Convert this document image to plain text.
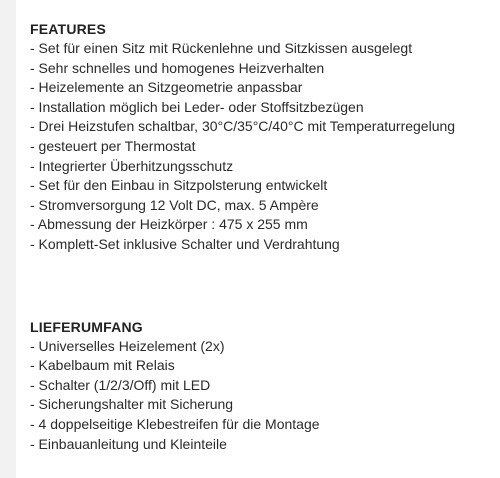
FEATURES
- Set für einen Sitz mit Rückenlehne und Sitzkissen ausgelegt
- Sehr schnelles und homogenes Heizverhalten
- Heizelemente an Sitzgeometrie anpassbar
- Installation möglich bei Leder- oder Stoffsitzbezügen
- Drei Heizstufen schaltbar, 30°C/35°C/40°C mit Temperaturregelung
- gesteuert per Thermostat
- Integrierter Überhitzungsschutz
- Set für den Einbau in Sitzpolsterung entwickelt
- Stromversorgung 12 Volt DC, max. 5 Ampère
- Abmessung der Heizkörper : 475 x 255 mm
- Komplett-Set inklusive Schalter und Verdrahtung
LIEFERUMFANG
- Universelles Heizelement (2x)
- Kabelbaum mit Relais
- Schalter (1/2/3/Off) mit LED
- Sicherungshalter mit Sicherung
- 4 doppelseitige Klebestreifen für die Montage
- Einbauanleitung und Kleinteile
